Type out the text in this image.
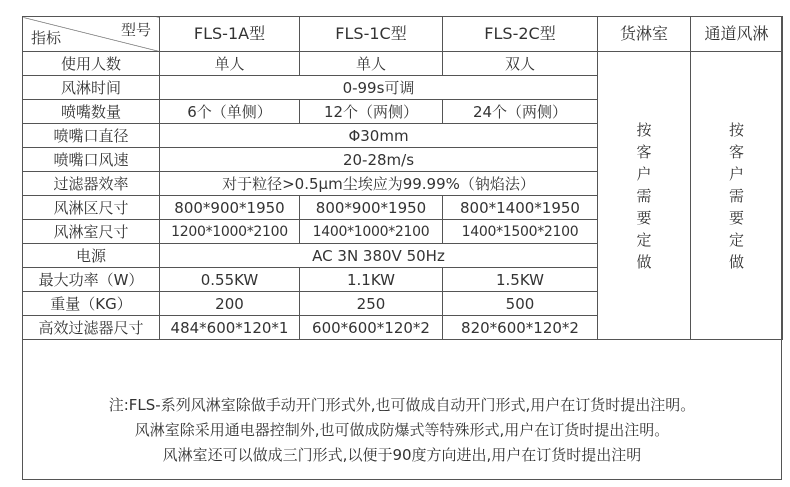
型号
指标	FLS-1A型	FLS-1C型	FLS-2C型	货淋室	通道风淋
使用人数	单人	单人	双人	按客户需要定做	按客户需要定做
风淋时间	0-99s可调				
喷嘴数量	6个（单侧）	12个（两侧）	24个（两侧）		
喷嘴口直径	Φ30mm				
喷嘴口风速	20-28m/s				
过滤器效率	对于粒径>0.5μm尘埃应为99.99%（钠焰法）				
风淋区尺寸	800*900*1950	800*900*1950	800*1400*1950		
风淋室尺寸	1200*1000*2100	1400*1000*2100	1400*1500*2100		
电源	AC 3N 380V 50Hz				
最大功率（W）	0.55KW	1.1KW	1.5KW		
重量（KG）	200	250	500		
高效过滤器尺寸	484*600*120*1	600*600*120*2	820*600*120*2		
注:FLS-系列风淋室除做手动开门形式外,也可做成自动开门形式,用户在订货时提出注明。
风淋室除采用通电器控制外,也可做成防爆式等特殊形式,用户在订货时提出注明。
风淋室还可以做成三门形式,以便于90度方向进出,用户在订货时提出注明
